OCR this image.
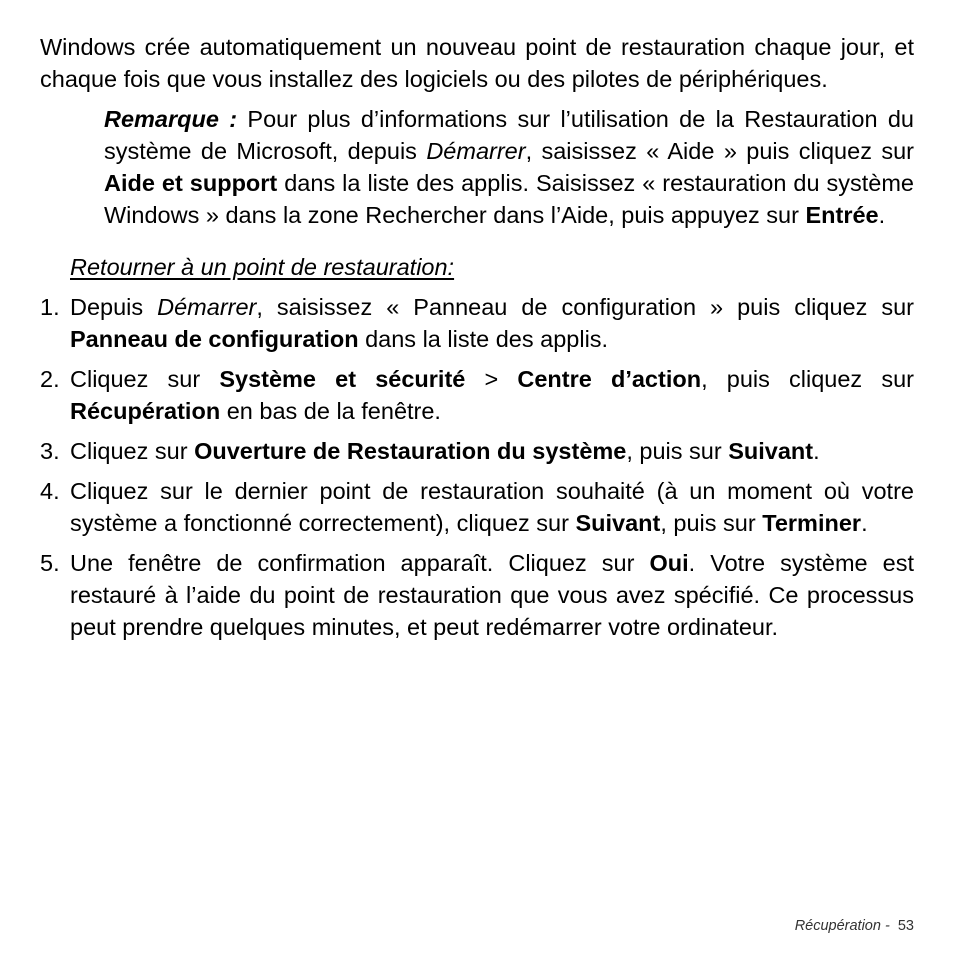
Windows crée automatiquement un nouveau point de restauration chaque jour, et chaque fois que vous installez des logiciels ou des pilotes de périphériques.

Remarque : Pour plus d’informations sur l’utilisation de la Restauration du système de Microsoft, depuis Démarrer, saisissez « Aide » puis cliquez sur Aide et support dans la liste des applis. Saisissez « restauration du système Windows » dans la zone Rechercher dans l’Aide, puis appuyez sur Entrée.

Retourner à un point de restauration:

1. Depuis Démarrer, saisissez « Panneau de configuration » puis cliquez sur Panneau de configuration dans la liste des applis.
2. Cliquez sur Système et sécurité > Centre d’action, puis cliquez sur Récupération en bas de la fenêtre.
3. Cliquez sur Ouverture de Restauration du système, puis sur Suivant.
4. Cliquez sur le dernier point de restauration souhaité (à un moment où votre système a fonctionné correctement), cliquez sur Suivant, puis sur Terminer.
5. Une fenêtre de confirmation apparaît. Cliquez sur Oui. Votre système est restauré à l’aide du point de restauration que vous avez spécifié. Ce processus peut prendre quelques minutes, et peut redémarrer votre ordinateur.
Récupération - 53
